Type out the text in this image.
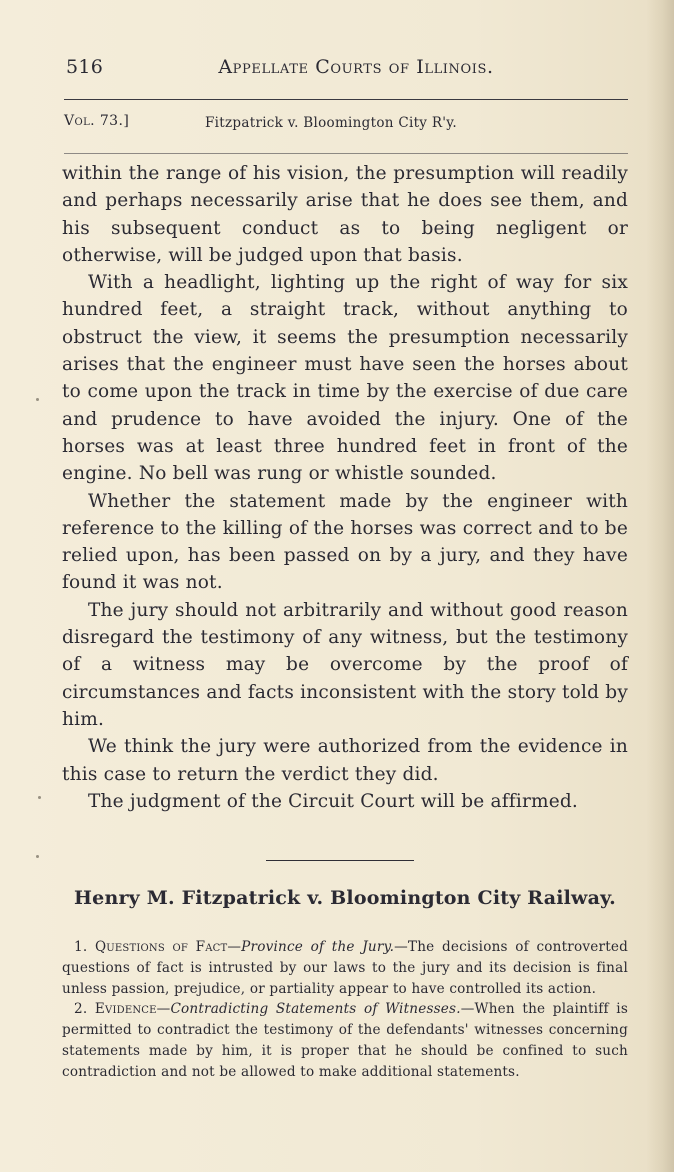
516	Appellate Courts of Illinois.
Vol. 73.]	Fitzpatrick v. Bloomington City R'y.

within the range of his vision, the presumption will readily and perhaps necessarily arise that he does see them, and his subsequent conduct as to being negligent or otherwise, will be judged upon that basis.

With a headlight, lighting up the right of way for six hundred feet, a straight track, without anything to obstruct the view, it seems the presumption necessarily arises that the engineer must have seen the horses about to come upon the track in time by the exercise of due care and prudence to have avoided the injury. One of the horses was at least three hundred feet in front of the engine. No bell was rung or whistle sounded.

Whether the statement made by the engineer with reference to the killing of the horses was correct and to be relied upon, has been passed on by a jury, and they have found it was not.

The jury should not arbitrarily and without good reason disregard the testimony of any witness, but the testimony of a witness may be overcome by the proof of circumstances and facts inconsistent with the story told by him.

We think the jury were authorized from the evidence in this case to return the verdict they did.

The judgment of the Circuit Court will be affirmed.

Henry M. Fitzpatrick v. Bloomington City Railway.

1. Questions of Fact—Province of the Jury.—The decisions of controverted questions of fact is intrusted by our laws to the jury and its decision is final unless passion, prejudice, or partiality appear to have controlled its action.

2. Evidence—Contradicting Statements of Witnesses.—When the plaintiff is permitted to contradict the testimony of the defendants' witnesses concerning statements made by him, it is proper that he should be confined to such contradiction and not be allowed to make additional statements.
